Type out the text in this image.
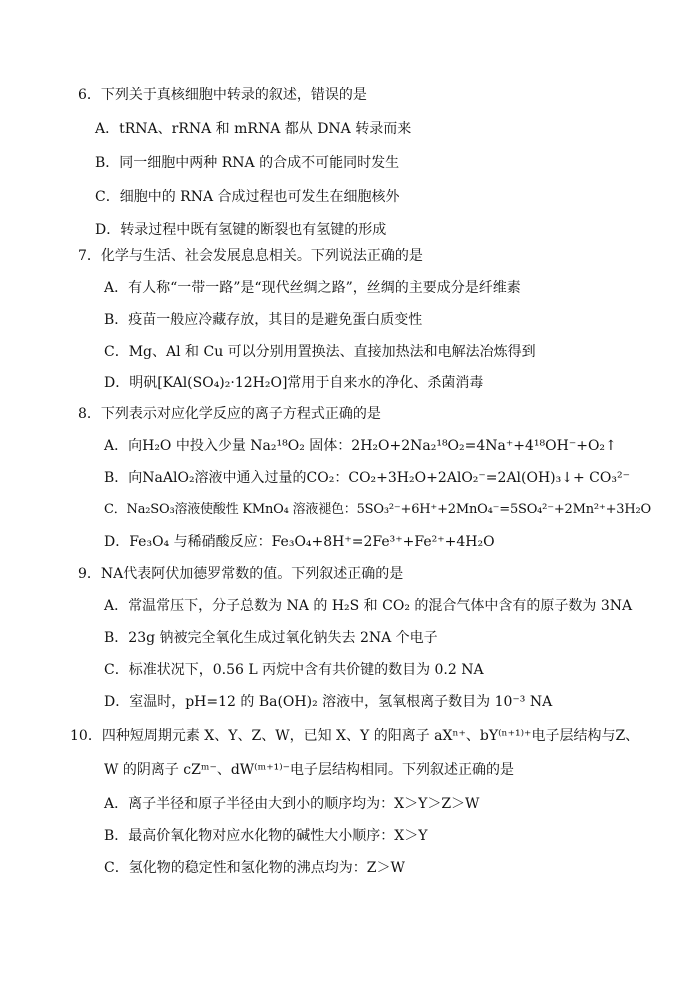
6．下列关于真核细胞中转录的叙述，错误的是
A．tRNA、rRNA 和 mRNA 都从 DNA 转录而来
B．同一细胞中两种 RNA 的合成不可能同时发生
C．细胞中的 RNA 合成过程也可发生在细胞核外
D．转录过程中既有氢键的断裂也有氢键的形成
7．化学与生活、社会发展息息相关。下列说法正确的是
A．有人称“一带一路”是“现代丝绸之路”，丝绸的主要成分是纤维素
B．疫苗一般应冷藏存放，其目的是避免蛋白质变性
C．Mg、Al 和 Cu 可以分别用置换法、直接加热法和电解法冶炼得到
D．明矾[KAl(SO₄)₂·12H₂O]常用于自来水的净化、杀菌消毒
8．下列表示对应化学反应的离子方程式正确的是
A．向H₂O 中投入少量 Na₂¹⁸O₂ 固体：2H₂O+2Na₂¹⁸O₂=4Na⁺+4¹⁸OH⁻+O₂↑
B．向NaAlO₂溶液中通入过量的CO₂：CO₂+3H₂O+2AlO₂⁻=2Al(OH)₃↓+ CO₃²⁻
C．Na₂SO₃溶液使酸性 KMnO₄ 溶液褪色：5SO₃²⁻+6H⁺+2MnO₄⁻=5SO₄²⁻+2Mn²⁺+3H₂O
D．Fe₃O₄ 与稀硝酸反应：Fe₃O₄+8H⁺=2Fe³⁺+Fe²⁺+4H₂O
9．NA代表阿伏加德罗常数的值。下列叙述正确的是
A．常温常压下，分子总数为 NA 的 H₂S 和 CO₂ 的混合气体中含有的原子数为 3NA
B．23g 钠被完全氧化生成过氧化钠失去 2NA 个电子
C．标准状况下，0.56 L 丙烷中含有共价键的数目为 0.2 NA
D．室温时，pH=12 的 Ba(OH)₂ 溶液中，氢氧根离子数目为 10⁻³ NA
10．四种短周期元素 X、Y、Z、W，已知 X、Y 的阳离子 aXⁿ⁺、bY⁽ⁿ⁺¹⁾⁺电子层结构与Z、
W 的阴离子 cZᵐ⁻、dW⁽ᵐ⁺¹⁾⁻电子层结构相同。下列叙述正确的是
A．离子半径和原子半径由大到小的顺序均为：X＞Y＞Z＞W
B．最高价氧化物对应水化物的碱性大小顺序：X＞Y
C．氢化物的稳定性和氢化物的沸点均为：Z＞W
